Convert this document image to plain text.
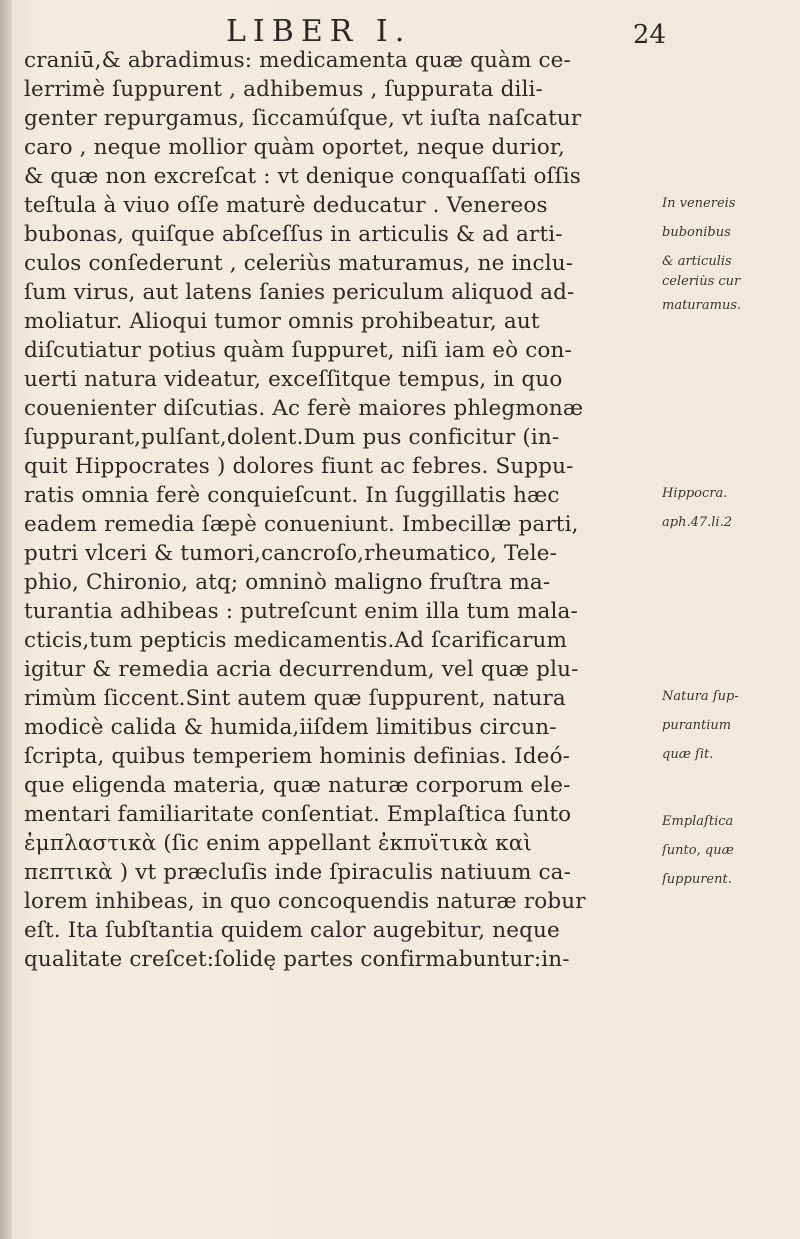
LIBER I.	24
craniū,& abradimus: medicamenta quæ quàm ce-
lerrimè ſuppurent , adhibemus , ſuppurata dili-
genter repurgamus, ſiccamúſque, vt iuſta naſcatur
caro , neque mollior quàm oportet, neque durior,
& quæ non excreſcat : vt denique conquaſſati oſſis
teſtula à viuo oſſe maturè deducatur . Venereos
bubonas, quiſque abſceſſus in articulis & ad arti-
culos conſederunt , celeriùs maturamus, ne inclu-
ſum virus, aut latens ſanies periculum aliquod ad-
moliatur. Alioqui tumor omnis prohibeatur, aut
diſcutiatur potius quàm ſuppuret, niſi iam eò con-
uerti natura videatur, exceſſitque tempus, in quo
couenienter diſcutias. Ac ferè maiores phlegmonæ
ſuppurant,pulſant,dolent.Dum pus conficitur (in-
quit Hippocrates ) dolores fiunt ac febres. Suppu-
ratis omnia ferè conquieſcunt. In ſuggillatis hæc
eadem remedia ſæpè conueniunt. Imbecillæ parti,
putri vlceri & tumori,cancroſo,rheumatico, Tele-
phio, Chironio, atq; omninò maligno fruſtra ma-
turantia adhibeas : putreſcunt enim illa tum mala-
cticis,tum pepticis medicamentis.Ad ſcarificarum
igitur & remedia acria decurrendum, vel quæ plu-
rimùm ſiccent.Sint autem quæ ſuppurent, natura
modicè calida & humida,iiſdem limitibus circun-
ſcripta, quibus temperiem hominis definias. Ideó-
que eligenda materia, quæ naturæ corporum ele-
mentari familiaritate conſentiat. Emplaſtica ſunto
ἐμπλαστικὰ (ſic enim appellant ἐκπυϊτικὰ καὶ
πεπτικὰ ) vt præcluſis inde ſpiraculis natiuum ca-
lorem inhibeas, in quo concoquendis naturæ robur
eſt. Ita ſubſtantia quidem calor augebitur, neque
qualitate creſcet:ſolidę partes confirmabuntur:in-
In venereis
bubonibus
& articulis
celeriùs cur
maturamus.
Hippocra.
aph.47.li.2
Natura ſup-
purantium
quæ ſit.
Emplaſtica
ſunto, quæ
ſuppurent.
